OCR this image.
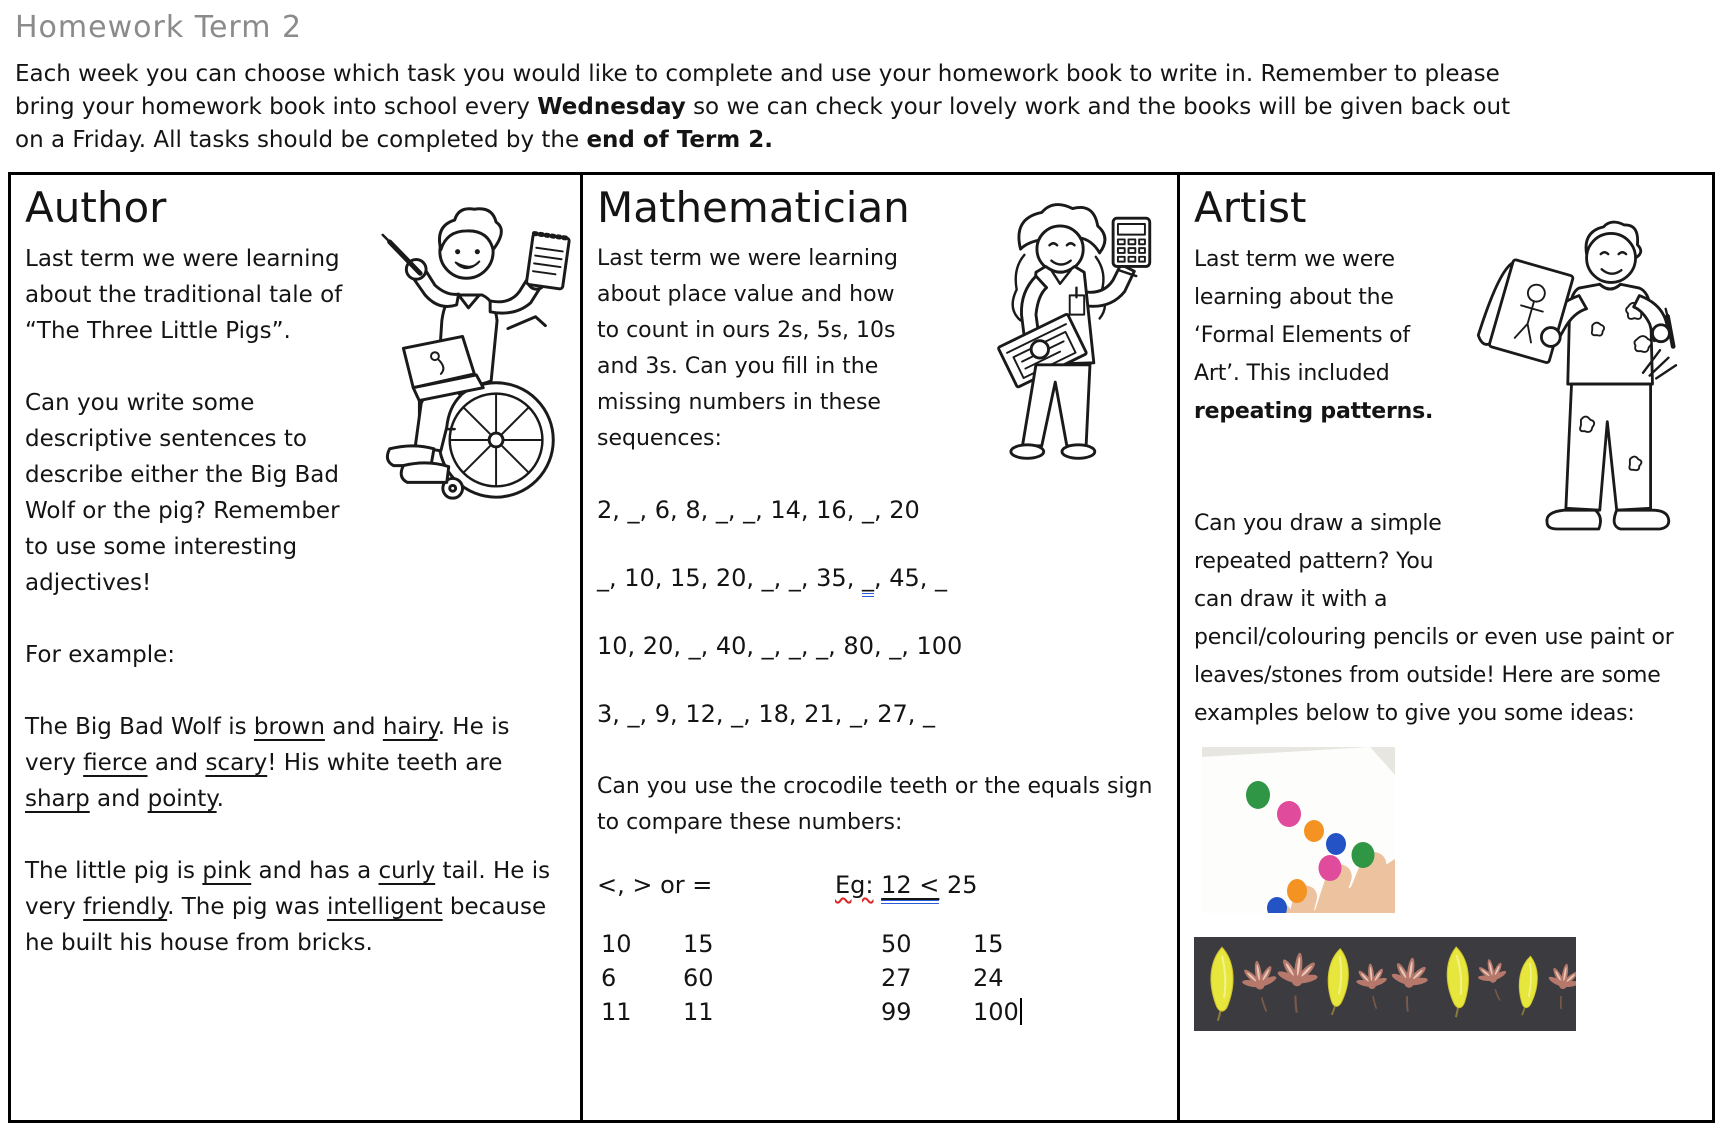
Homework Term 2
Each week you can choose which task you would like to complete and use your homework book to write in. Remember to please
bring your homework book into school every Wednesday so we can check your lovely work and the books will be given back out
on a Friday. All tasks should be completed by the end of Term 2.
Author

Last term we were learning about the traditional tale of “The Three Little Pigs”.

Can you write some descriptive sentences to describe either the Big Bad Wolf or the pig? Remember to use some interesting adjectives!

For example:

The Big Bad Wolf is brown and hairy. He is very fierce and scary! His white teeth are sharp and pointy.

The little pig is pink and has a curly tail. He is very friendly. The pig was intelligent because he built his house from bricks.

Mathematician

Last term we were learning about place value and how to count in ours 2s, 5s, 10s and 3s. Can you fill in the missing numbers in these sequences:

2, _, 6, 8, _, _, 14, 16, _, 20

_, 10, 15, 20, _, _, 35, _, 45, _

10, 20, _, 40, _, _, _, 80, _, 100

3, _, 9, 12, _, 18, 21, _, 27, _

Can you use the crocodile teeth or the equals sign to compare these numbers:

<, > or =	Eg: 12 < 25
10	15	50	15
6	60	27	24
11	11	99	100
Artist

Last term we were learning about the ‘Formal Elements of Art’. This included repeating patterns.

Can you draw a simple repeated pattern? You can draw it with a pencil/colouring pencils or even use paint or leaves/stones from outside! Here are some examples below to give you some ideas:
